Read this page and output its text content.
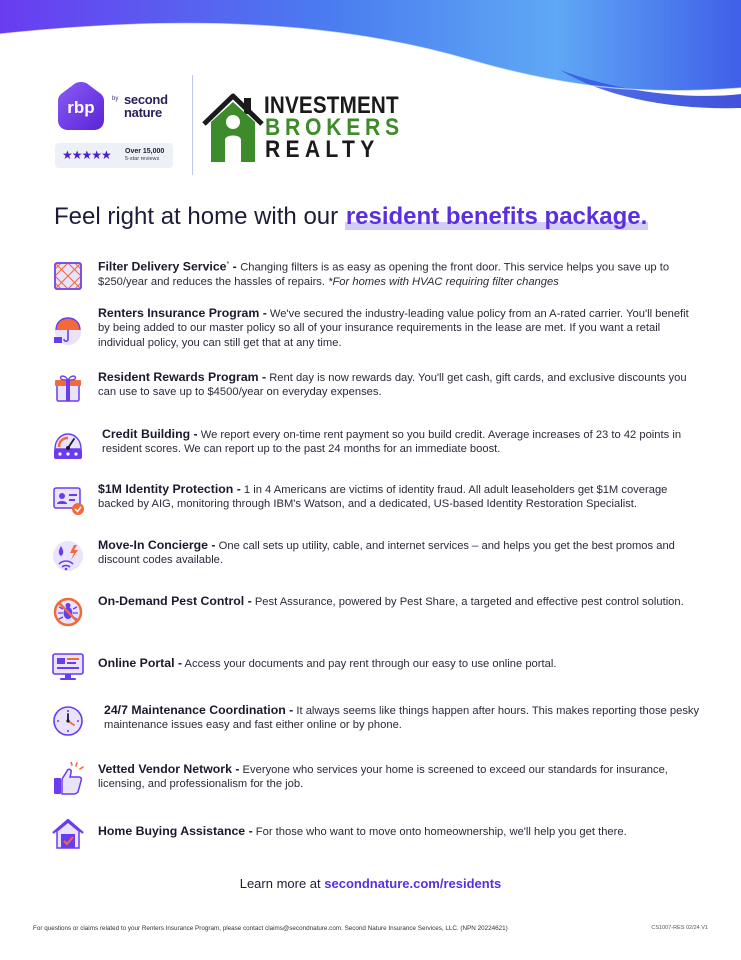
rbp	by second
nature
★★★★★ Over 15,000
5-star reviews
INVESTMENT
BROKERS
REALTY
Feel right at home with our resident benefits package.
Filter Delivery Service* - Changing filters is as easy as opening the front door. This service helps you save up to $250/year and reduces the hassles of repairs. *For homes with HVAC requiring filter changes
Renters Insurance Program - We've secured the industry-leading value policy from an A-rated carrier. You'll benefit by being added to our master policy so all of your insurance requirements in the lease are met. If you want a retail individual policy, you can still get that at any time.
Resident Rewards Program - Rent day is now rewards day. You'll get cash, gift cards, and exclusive discounts you can use to save up to $4500/year on everyday expenses.
Credit Building - We report every on-time rent payment so you build credit. Average increases of 23 to 42 points in resident scores. We can report up to the past 24 months for an immediate boost.
$1M Identity Protection - 1 in 4 Americans are victims of identity fraud. All adult leaseholders get $1M coverage backed by AIG, monitoring through IBM's Watson, and a dedicated, US-based Identity Restoration Specialist.
Move-In Concierge - One call sets up utility, cable, and internet services – and helps you get the best promos and discount codes available.
On-Demand Pest Control - Pest Assurance, powered by Pest Share, a targeted and effective pest control solution.
Online Portal - Access your documents and pay rent through our easy to use online portal.
24/7 Maintenance Coordination - It always seems like things happen after hours. This makes reporting those pesky maintenance issues easy and fast either online or by phone.
Vetted Vendor Network - Everyone who services your home is screened to exceed our standards for insurance, licensing, and professionalism for the job.
Home Buying Assistance - For those who want to move onto homeownership, we'll help you get there.
Learn more at secondnature.com/residents
For questions or claims related to your Renters Insurance Program, please contact claims@secondnature.com. Second Nature Insurance Services, LLC. (NPN 20224621)	CS1007-RES 02/24 V1
